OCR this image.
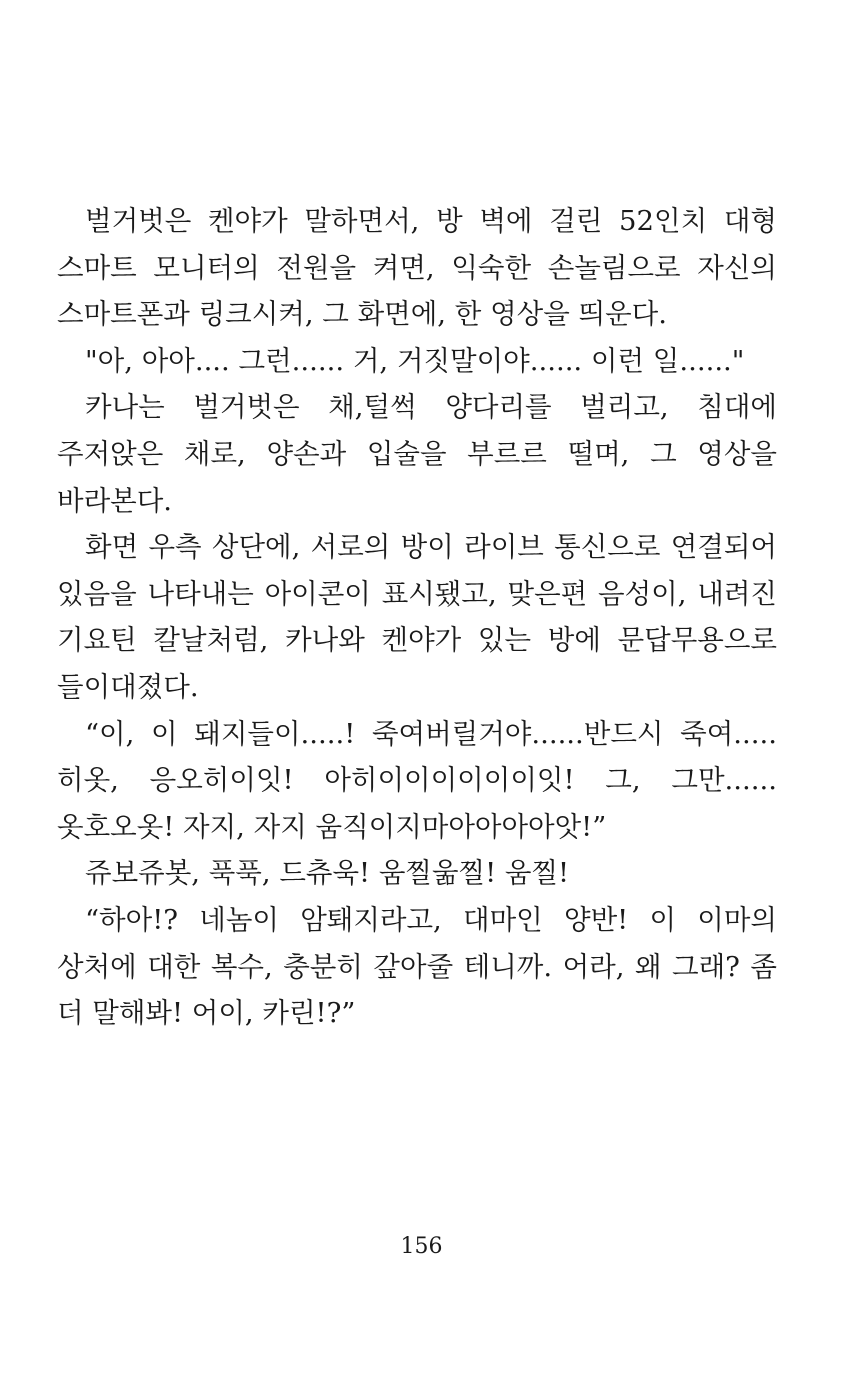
벌거벗은 켄야가 말하면서, 방 벽에 걸린 52인치 대형 스마트 모니터의 전원을 켜면, 익숙한 손놀림으로 자신의 스마트폰과 링크시켜, 그 화면에, 한 영상을 띄운다.

"아, 아아.... 그런...... 거, 거짓말이야...... 이런 일......"

카나는 벌거벗은 채,털썩 양다리를 벌리고, 침대에 주저앉은 채로, 양손과 입술을 부르르 떨며, 그 영상을 바라본다.

화면 우측 상단에, 서로의 방이 라이브 통신으로 연결되어 있음을 나타내는 아이콘이 표시됐고, 맞은편 음성이, 내려진 기요틴 칼날처럼, 카나와 켄야가 있는 방에 문답무용으로 들이대졌다.

“이, 이 돼지들이.....! 죽여버릴거야......반드시 죽여.....히옷, 응오히이잇! 아히이이이이이이잇! 그, 그만......옷호오옷! 자지, 자지 움직이지마아아아아앗!”

쥬보쥬봇, 푹푹, 드츄욱! 움찔욺찔! 움찔!

“하아!? 네놈이 암퇘지라고, 대마인 양반! 이 이마의 상처에 대한 복수, 충분히 갚아줄 테니까. 어라, 왜 그래? 좀 더 말해봐! 어이, 카린!?”

156
